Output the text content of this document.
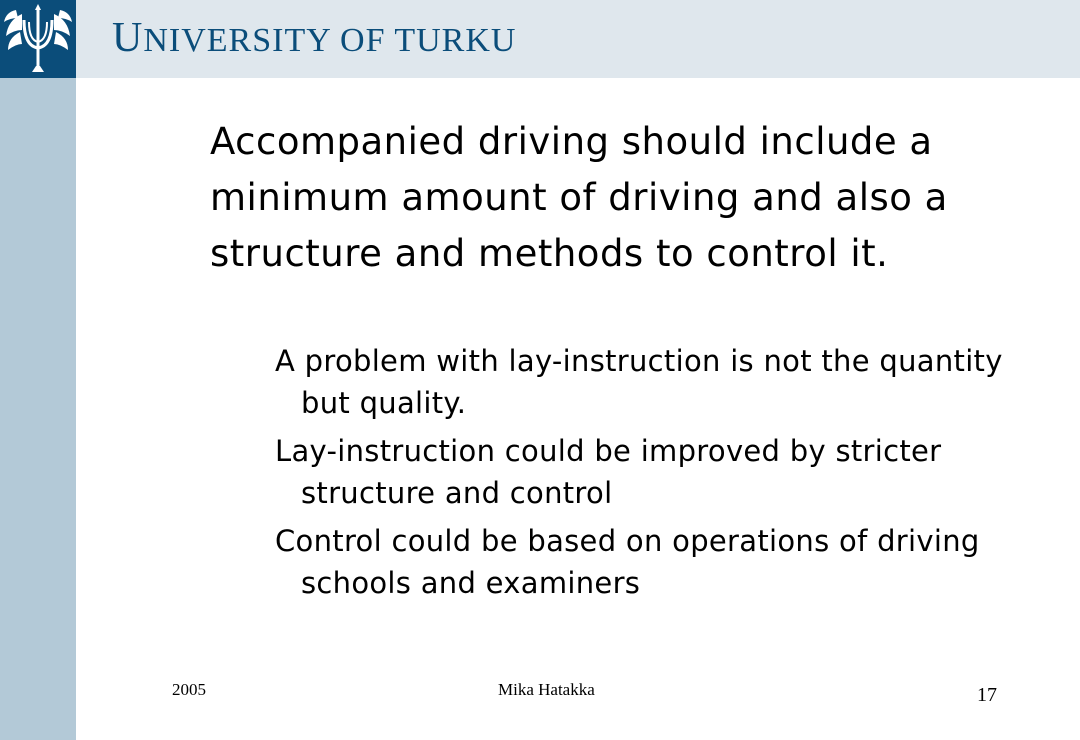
UNIVERSITY OF TURKU
Accompanied driving should include a minimum amount of driving and also a structure and methods to control it.
A problem with lay-instruction is not the quantity but quality.
Lay-instruction could be improved by stricter structure and control
Control could be based on operations of driving schools and examiners
2005	Mika Hatakka	17
